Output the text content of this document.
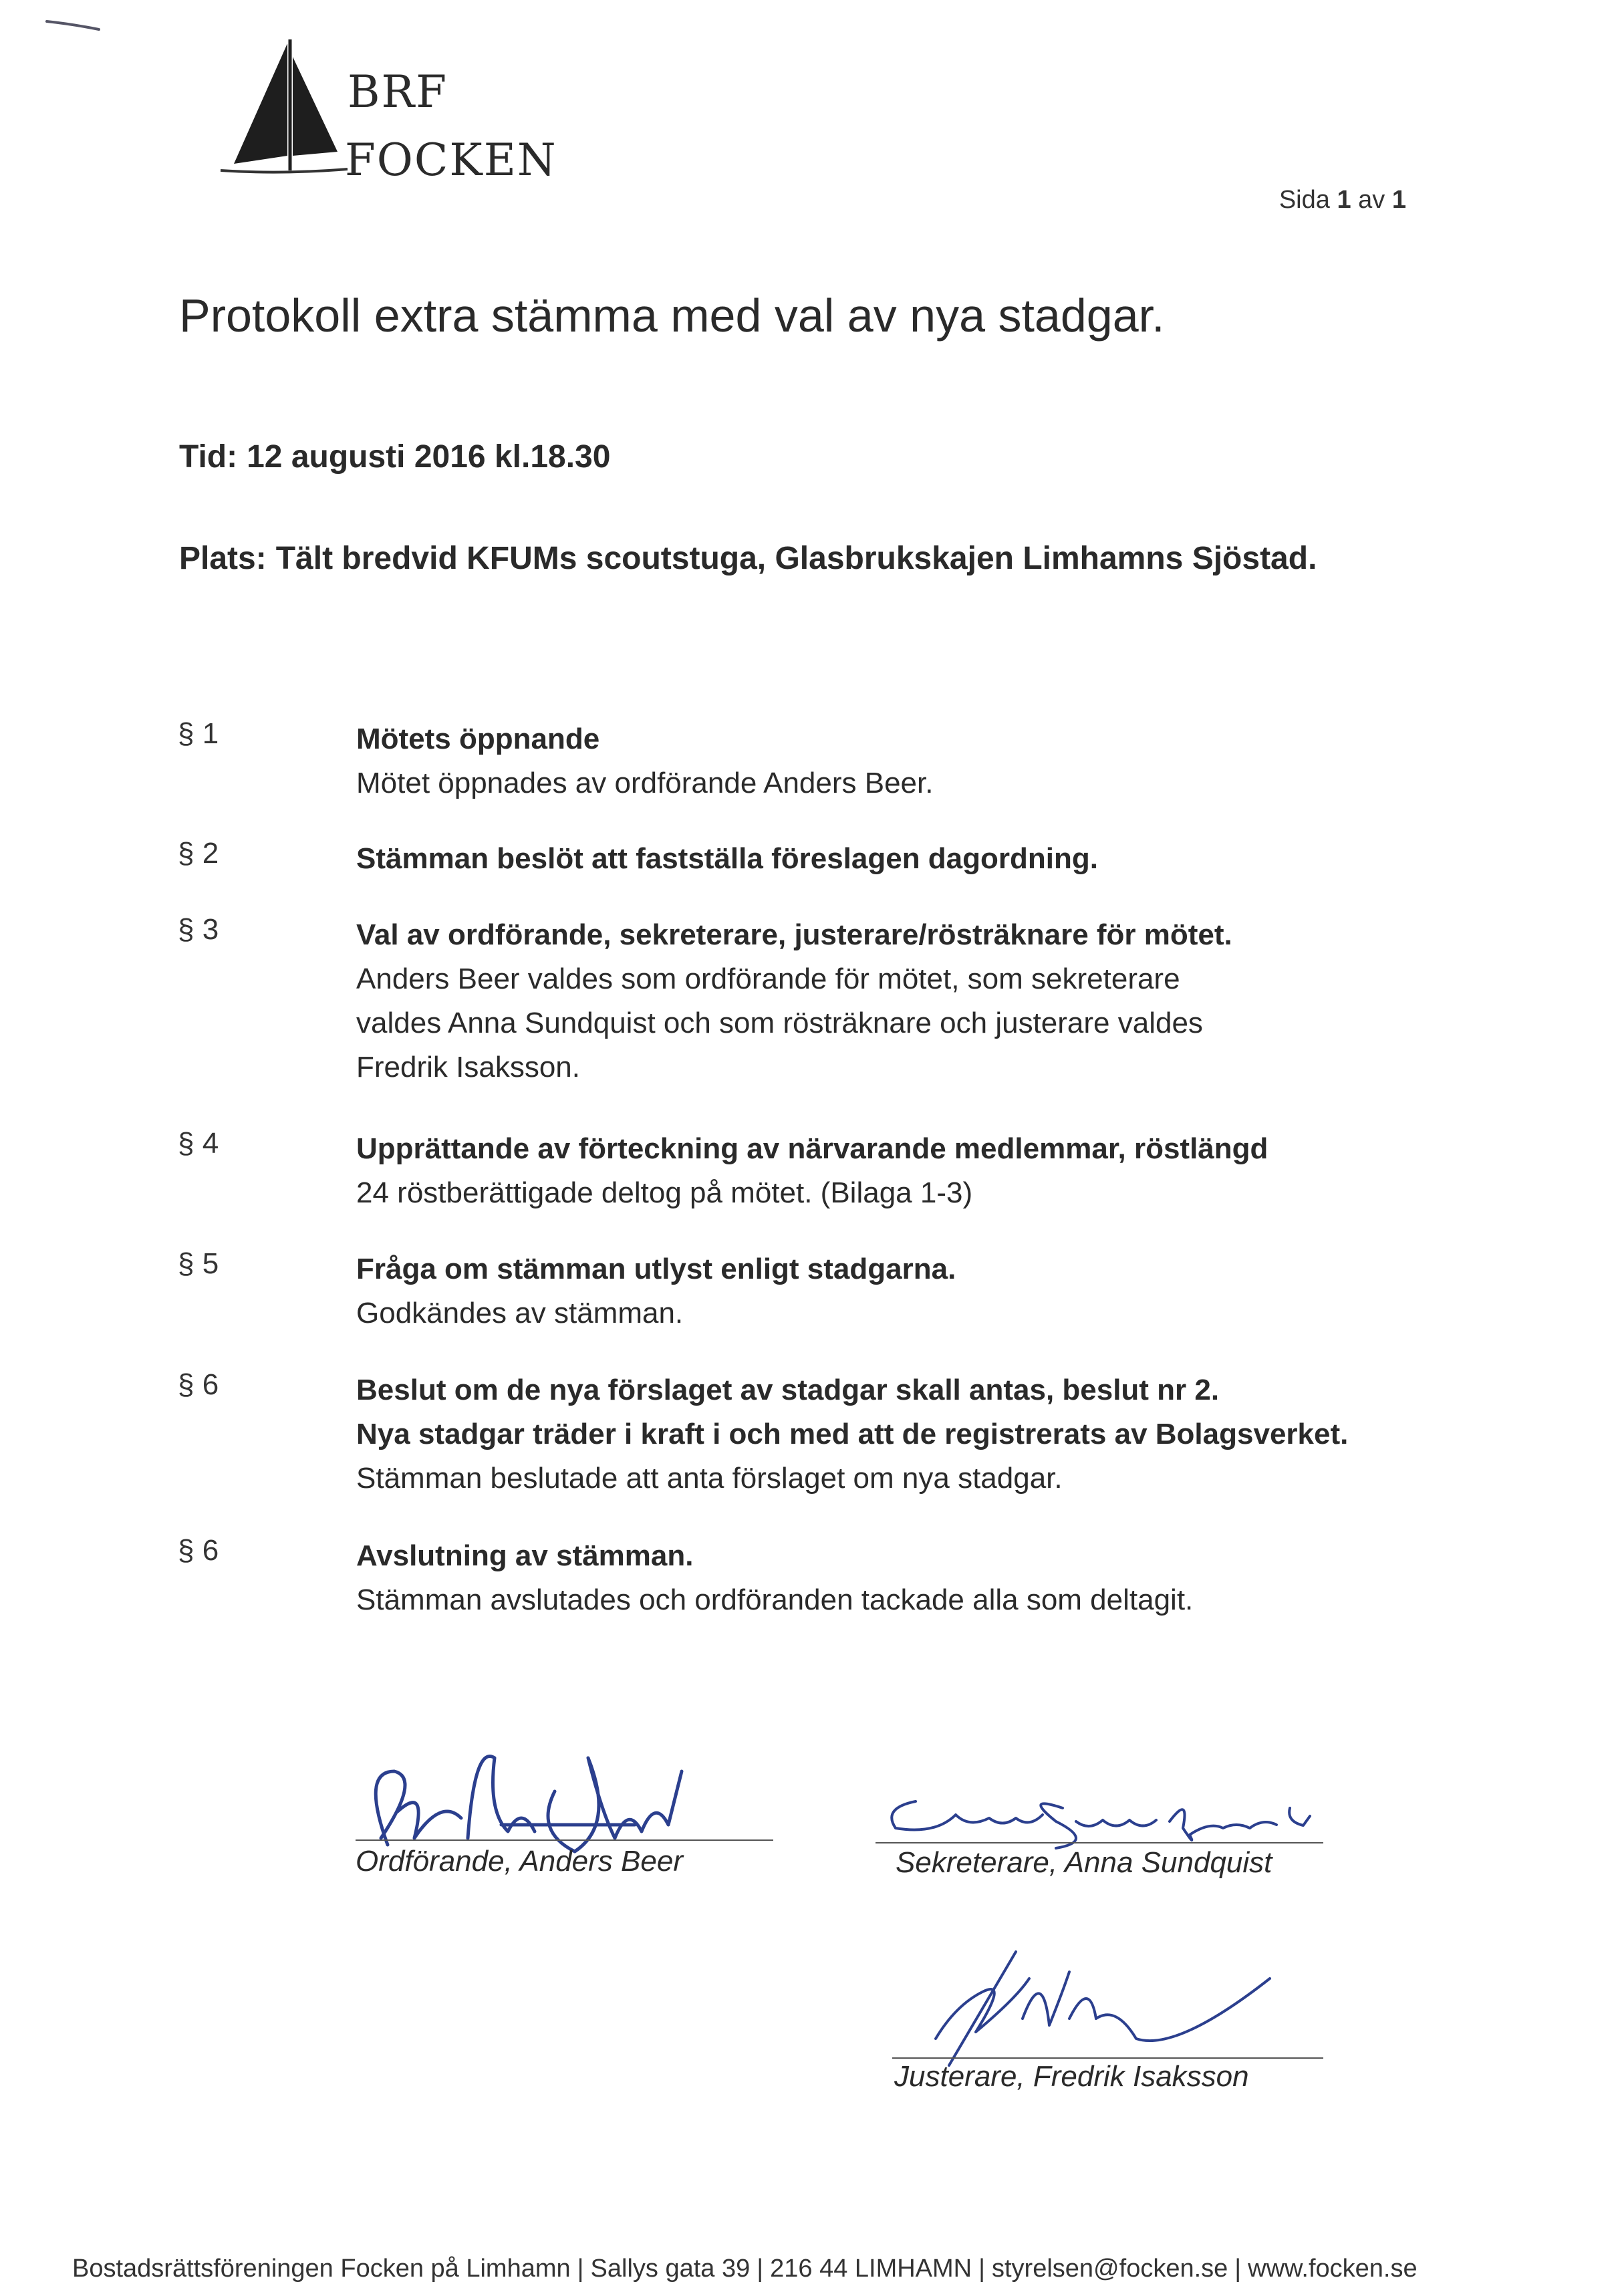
BRF
FOCKEN
Sida 1 av 1
Protokoll extra stämma med val av nya stadgar.
Tid: 12 augusti 2016 kl.18.30
Plats: Tält bredvid KFUMs scoutstuga, Glasbrukskajen Limhamns Sjöstad.
§ 1	Mötets öppnande
Mötet öppnades av ordförande Anders Beer.
§ 2	Stämman beslöt att fastställa föreslagen dagordning.
§ 3	Val av ordförande, sekreterare, justerare/rösträknare för mötet.
Anders Beer valdes som ordförande för mötet, som sekreterare
valdes Anna Sundquist och som rösträknare och justerare valdes
Fredrik Isaksson.
§ 4	Upprättande av förteckning av närvarande medlemmar, röstlängd
24 röstberättigade deltog på mötet. (Bilaga 1-3)
§ 5	Fråga om stämman utlyst enligt stadgarna.
Godkändes av stämman.
§ 6	Beslut om de nya förslaget av stadgar skall antas, beslut nr 2.
Nya stadgar träder i kraft i och med att de registrerats av Bolagsverket.
Stämman beslutade att anta förslaget om nya stadgar.
§ 6	Avslutning av stämman.
Stämman avslutades och ordföranden tackade alla som deltagit.
Ordförande, Anders Beer	Sekreterare, Anna Sundquist
Justerare, Fredrik Isaksson
Bostadsrättsföreningen Focken på Limhamn | Sallys gata 39 | 216 44 LIMHAMN | styrelsen@focken.se | www.focken.se
